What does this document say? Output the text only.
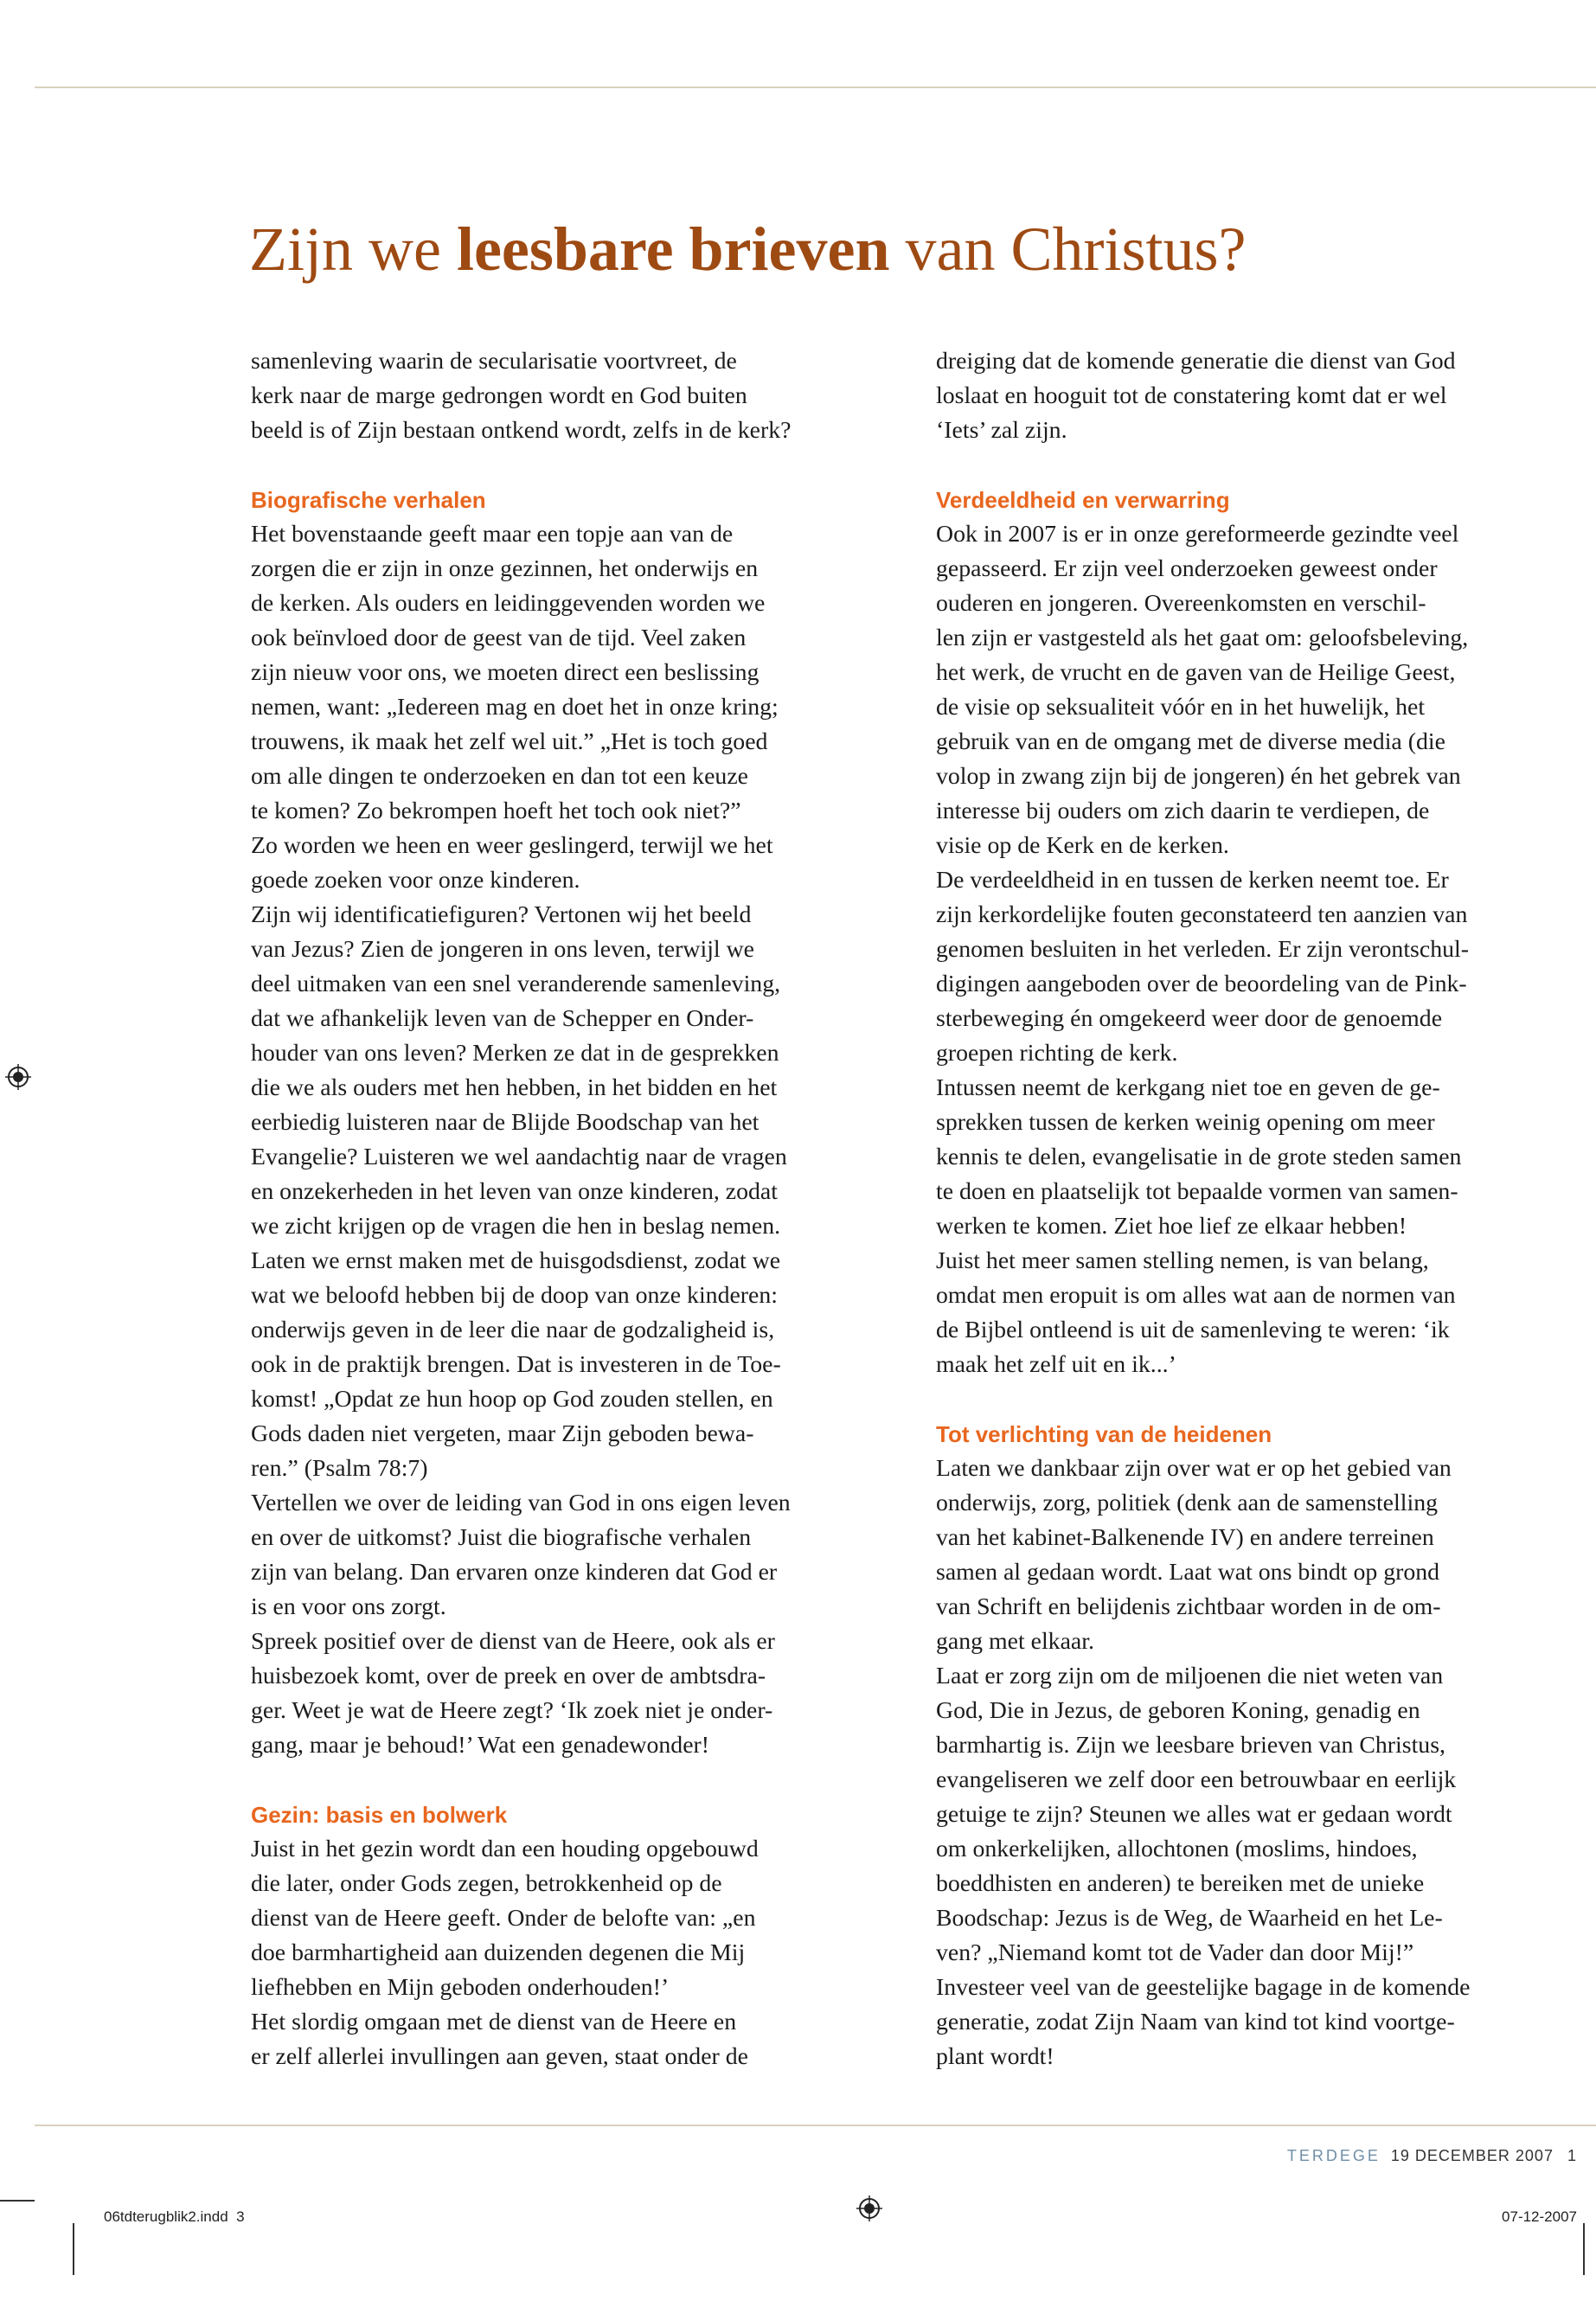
Zijn we leesbare brieven van Christus?

samenleving waarin de secularisatie voortvreet, de
kerk naar de marge gedrongen wordt en God buiten
beeld is of Zijn bestaan ontkend wordt, zelfs in de kerk?

Biografische verhalen

Het bovenstaande geeft maar een topje aan van de
zorgen die er zijn in onze gezinnen, het onderwijs en
de kerken. Als ouders en leidinggevenden worden we
ook beïnvloed door de geest van de tijd. Veel zaken
zijn nieuw voor ons, we moeten direct een beslissing
nemen, want: „Iedereen mag en doet het in onze kring;
trouwens, ik maak het zelf wel uit.” „Het is toch goed
om alle dingen te onderzoeken en dan tot een keuze
te komen? Zo bekrompen hoeft het toch ook niet?”
Zo worden we heen en weer geslingerd, terwijl we het
goede zoeken voor onze kinderen.
Zijn wij identificatiefiguren? Vertonen wij het beeld
van Jezus? Zien de jongeren in ons leven, terwijl we
deel uitmaken van een snel veranderende samenleving,
dat we afhankelijk leven van de Schepper en Onder-
houder van ons leven? Merken ze dat in de gesprekken
die we als ouders met hen hebben, in het bidden en het
eerbiedig luisteren naar de Blijde Boodschap van het
Evangelie? Luisteren we wel aandachtig naar de vragen
en onzekerheden in het leven van onze kinderen, zodat
we zicht krijgen op de vragen die hen in beslag nemen.
Laten we ernst maken met de huisgodsdienst, zodat we
wat we beloofd hebben bij de doop van onze kinderen:
onderwijs geven in de leer die naar de godzaligheid is,
ook in de praktijk brengen. Dat is investeren in de Toe-
komst! „Opdat ze hun hoop op God zouden stellen, en
Gods daden niet vergeten, maar Zijn geboden bewa-
ren.” (Psalm 78:7)
Vertellen we over de leiding van God in ons eigen leven
en over de uitkomst? Juist die biografische verhalen
zijn van belang. Dan ervaren onze kinderen dat God er
is en voor ons zorgt.
Spreek positief over de dienst van de Heere, ook als er
huisbezoek komt, over de preek en over de ambtsdra-
ger. Weet je wat de Heere zegt? ‘Ik zoek niet je onder-
gang, maar je behoud!’ Wat een genadewonder!

Gezin: basis en bolwerk

Juist in het gezin wordt dan een houding opgebouwd
die later, onder Gods zegen, betrokkenheid op de
dienst van de Heere geeft. Onder de belofte van: „en
doe barmhartigheid aan duizenden degenen die Mij
liefhebben en Mijn geboden onderhouden!’
Het slordig omgaan met de dienst van de Heere en
er zelf allerlei invullingen aan geven, staat onder de

dreiging dat de komende generatie die dienst van God
loslaat en hooguit tot de constatering komt dat er wel
‘Iets’ zal zijn.

Verdeeldheid en verwarring

Ook in 2007 is er in onze gereformeerde gezindte veel
gepasseerd. Er zijn veel onderzoeken geweest onder
ouderen en jongeren. Overeenkomsten en verschil-
len zijn er vastgesteld als het gaat om: geloofsbeleving,
het werk, de vrucht en de gaven van de Heilige Geest,
de visie op seksualiteit vóór en in het huwelijk, het
gebruik van en de omgang met de diverse media (die
volop in zwang zijn bij de jongeren) én het gebrek van
interesse bij ouders om zich daarin te verdiepen, de
visie op de Kerk en de kerken.
De verdeeldheid in en tussen de kerken neemt toe. Er
zijn kerkordelijke fouten geconstateerd ten aanzien van
genomen besluiten in het verleden. Er zijn verontschul-
digingen aangeboden over de beoordeling van de Pink-
sterbeweging én omgekeerd weer door de genoemde
groepen richting de kerk.
Intussen neemt de kerkgang niet toe en geven de ge-
sprekken tussen de kerken weinig opening om meer
kennis te delen, evangelisatie in de grote steden samen
te doen en plaatselijk tot bepaalde vormen van samen-
werken te komen. Ziet hoe lief ze elkaar hebben!
Juist het meer samen stelling nemen, is van belang,
omdat men eropuit is om alles wat aan de normen van
de Bijbel ontleend is uit de samenleving te weren: ‘ik
maak het zelf uit en ik...’

Tot verlichting van de heidenen

Laten we dankbaar zijn over wat er op het gebied van
onderwijs, zorg, politiek (denk aan de samenstelling
van het kabinet-Balkenende IV) en andere terreinen
samen al gedaan wordt. Laat wat ons bindt op grond
van Schrift en belijdenis zichtbaar worden in de om-
gang met elkaar.
Laat er zorg zijn om de miljoenen die niet weten van
God, Die in Jezus, de geboren Koning, genadig en
barmhartig is. Zijn we leesbare brieven van Christus,
evangeliseren we zelf door een betrouwbaar en eerlijk
getuige te zijn? Steunen we alles wat er gedaan wordt
om onkerkelijken, allochtonen (moslims, hindoes,
boeddhisten en anderen) te bereiken met de unieke
Boodschap: Jezus is de Weg, de Waarheid en het Le-
ven? „Niemand komt tot de Vader dan door Mij!”
Investeer veel van de geestelijke bagage in de komende
generatie, zodat Zijn Naam van kind tot kind voortge-
plant wordt!

TERDEGE 19 DECEMBER 2007 1
06tdterugblik2.indd  3	07-12-2007
